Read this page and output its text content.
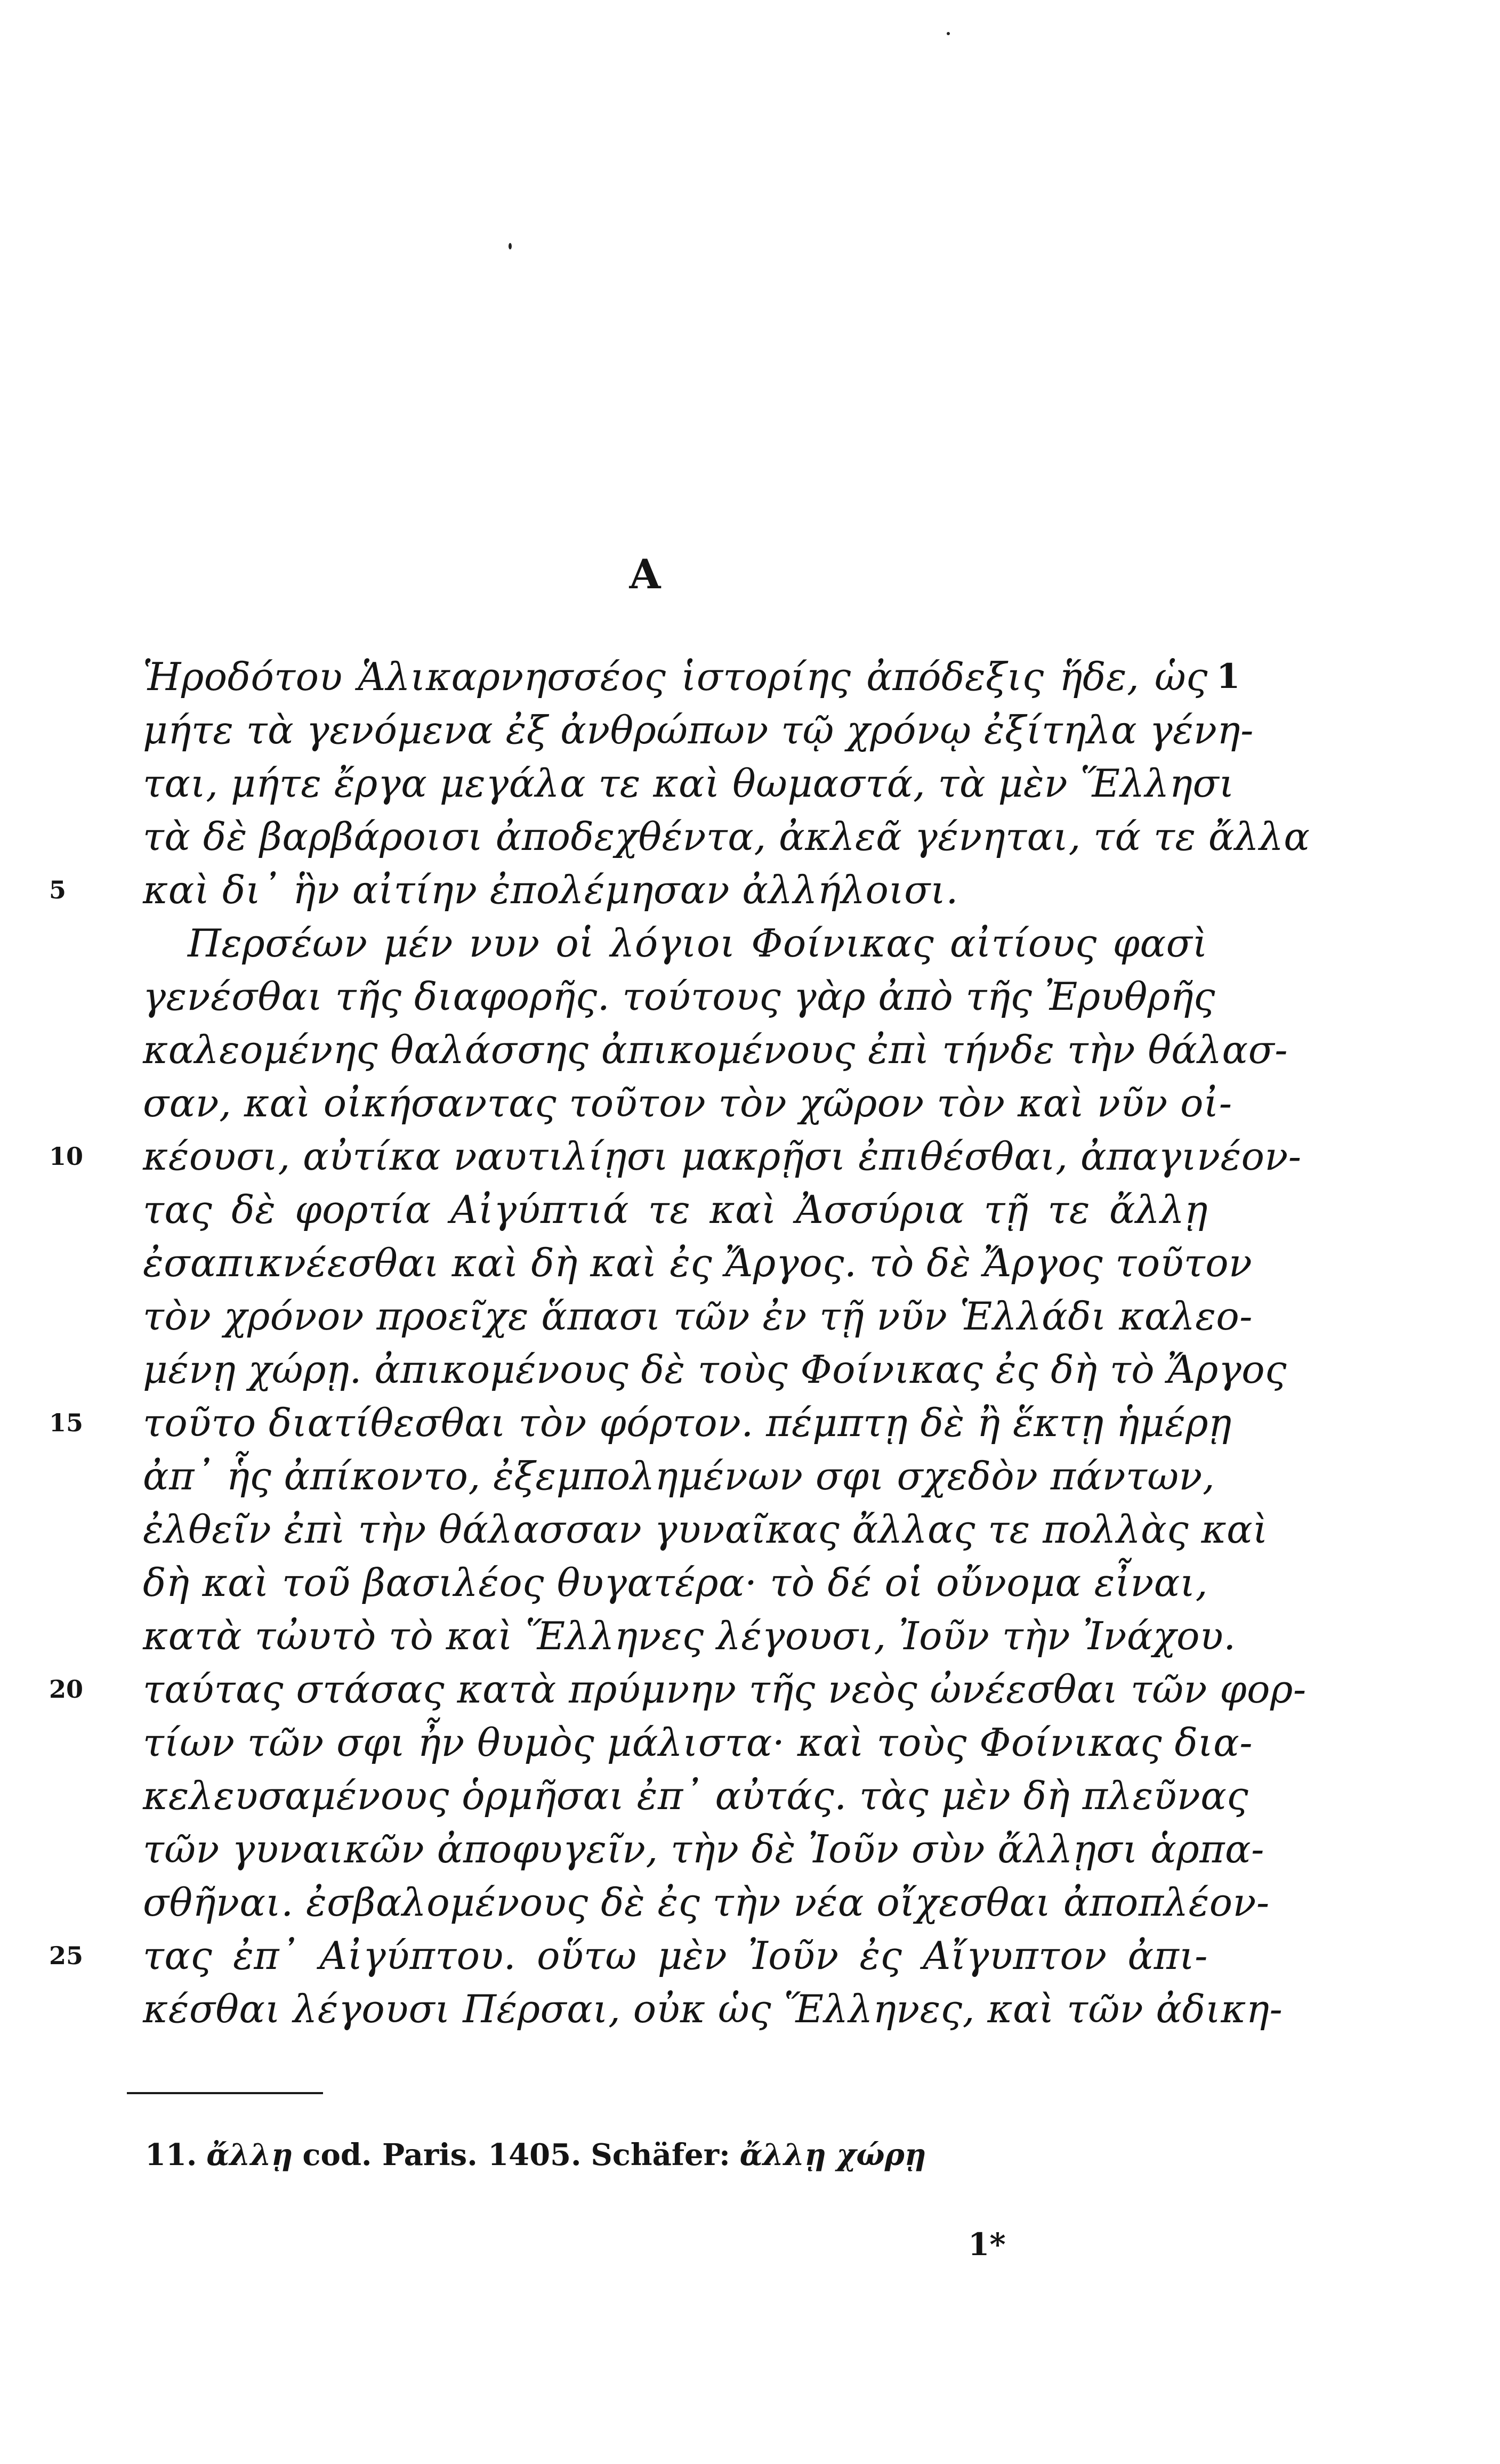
Α
1
Ἡροδότου Ἁλικαρνησσέος ἱστορίης ἀπόδεξις ἥδε, ὡς
μήτε τὰ γενόμενα ἐξ ἀνθρώπων τῷ χρόνῳ ἐξίτηλα γένη-
ται, μήτε ἔργα μεγάλα τε καὶ θωμαστά, τὰ μὲν Ἕλλησι
τὰ δὲ βαρβάροισι ἀποδεχθέντα, ἀκλεᾶ γένηται, τά τε ἄλλα
καὶ δι᾽ ἣν αἰτίην ἐπολέμησαν ἀλλήλοισι.
5
Περσέων μέν νυν οἱ λόγιοι Φοίνικας αἰτίους φασὶ
γενέσθαι τῆς διαφορῆς. τούτους γὰρ ἀπὸ τῆς Ἐρυθρῆς
καλεομένης θαλάσσης ἀπικομένους ἐπὶ τήνδε τὴν θάλασ-
σαν, καὶ οἰκήσαντας τοῦτον τὸν χῶρον τὸν καὶ νῦν οἰ-
κέουσι, αὐτίκα ναυτιλίῃσι μακρῇσι ἐπιθέσθαι, ἀπαγινέον-
10
τας δὲ φορτία Αἰγύπτιά τε καὶ Ἀσσύρια τῇ τε ἄλλῃ
ἐσαπικνέεσθαι καὶ δὴ καὶ ἐς Ἄργος. τὸ δὲ Ἄργος τοῦτον
τὸν χρόνον προεῖχε ἅπασι τῶν ἐν τῇ νῦν Ἑλλάδι καλεο-
μένῃ χώρῃ. ἀπικομένους δὲ τοὺς Φοίνικας ἐς δὴ τὸ Ἄργος
τοῦτο διατίθεσθαι τὸν φόρτον. πέμπτῃ δὲ ἢ ἕκτῃ ἡμέρῃ
15
ἀπ᾽ ἧς ἀπίκοντο, ἐξεμπολημένων σφι σχεδὸν πάντων,
ἐλθεῖν ἐπὶ τὴν θάλασσαν γυναῖκας ἄλλας τε πολλὰς καὶ
δὴ καὶ τοῦ βασιλέος θυγατέρα· τὸ δέ οἱ οὔνομα εἶναι,
κατὰ τὠυτὸ τὸ καὶ Ἕλληνες λέγουσι, Ἰοῦν τὴν Ἰνάχου.
ταύτας στάσας κατὰ πρύμνην τῆς νεὸς ὠνέεσθαι τῶν φορ-
20
τίων τῶν σφι ἦν θυμὸς μάλιστα· καὶ τοὺς Φοίνικας δια-
κελευσαμένους ὁρμῆσαι ἐπ᾽ αὐτάς. τὰς μὲν δὴ πλεῦνας
τῶν γυναικῶν ἀποφυγεῖν, τὴν δὲ Ἰοῦν σὺν ἄλλῃσι ἁρπα-
σθῆναι. ἐσβαλομένους δὲ ἐς τὴν νέα οἴχεσθαι ἀποπλέον-
τας ἐπ᾽ Αἰγύπτου. οὕτω μὲν Ἰοῦν ἐς Αἴγυπτον ἀπι-
25
κέσθαι λέγουσι Πέρσαι, οὐκ ὡς Ἕλληνες, καὶ τῶν ἀδικη-
11. ἄλλῃ cod. Paris. 1405. Schäfer: ἄλλῃ χώρῃ
1*
